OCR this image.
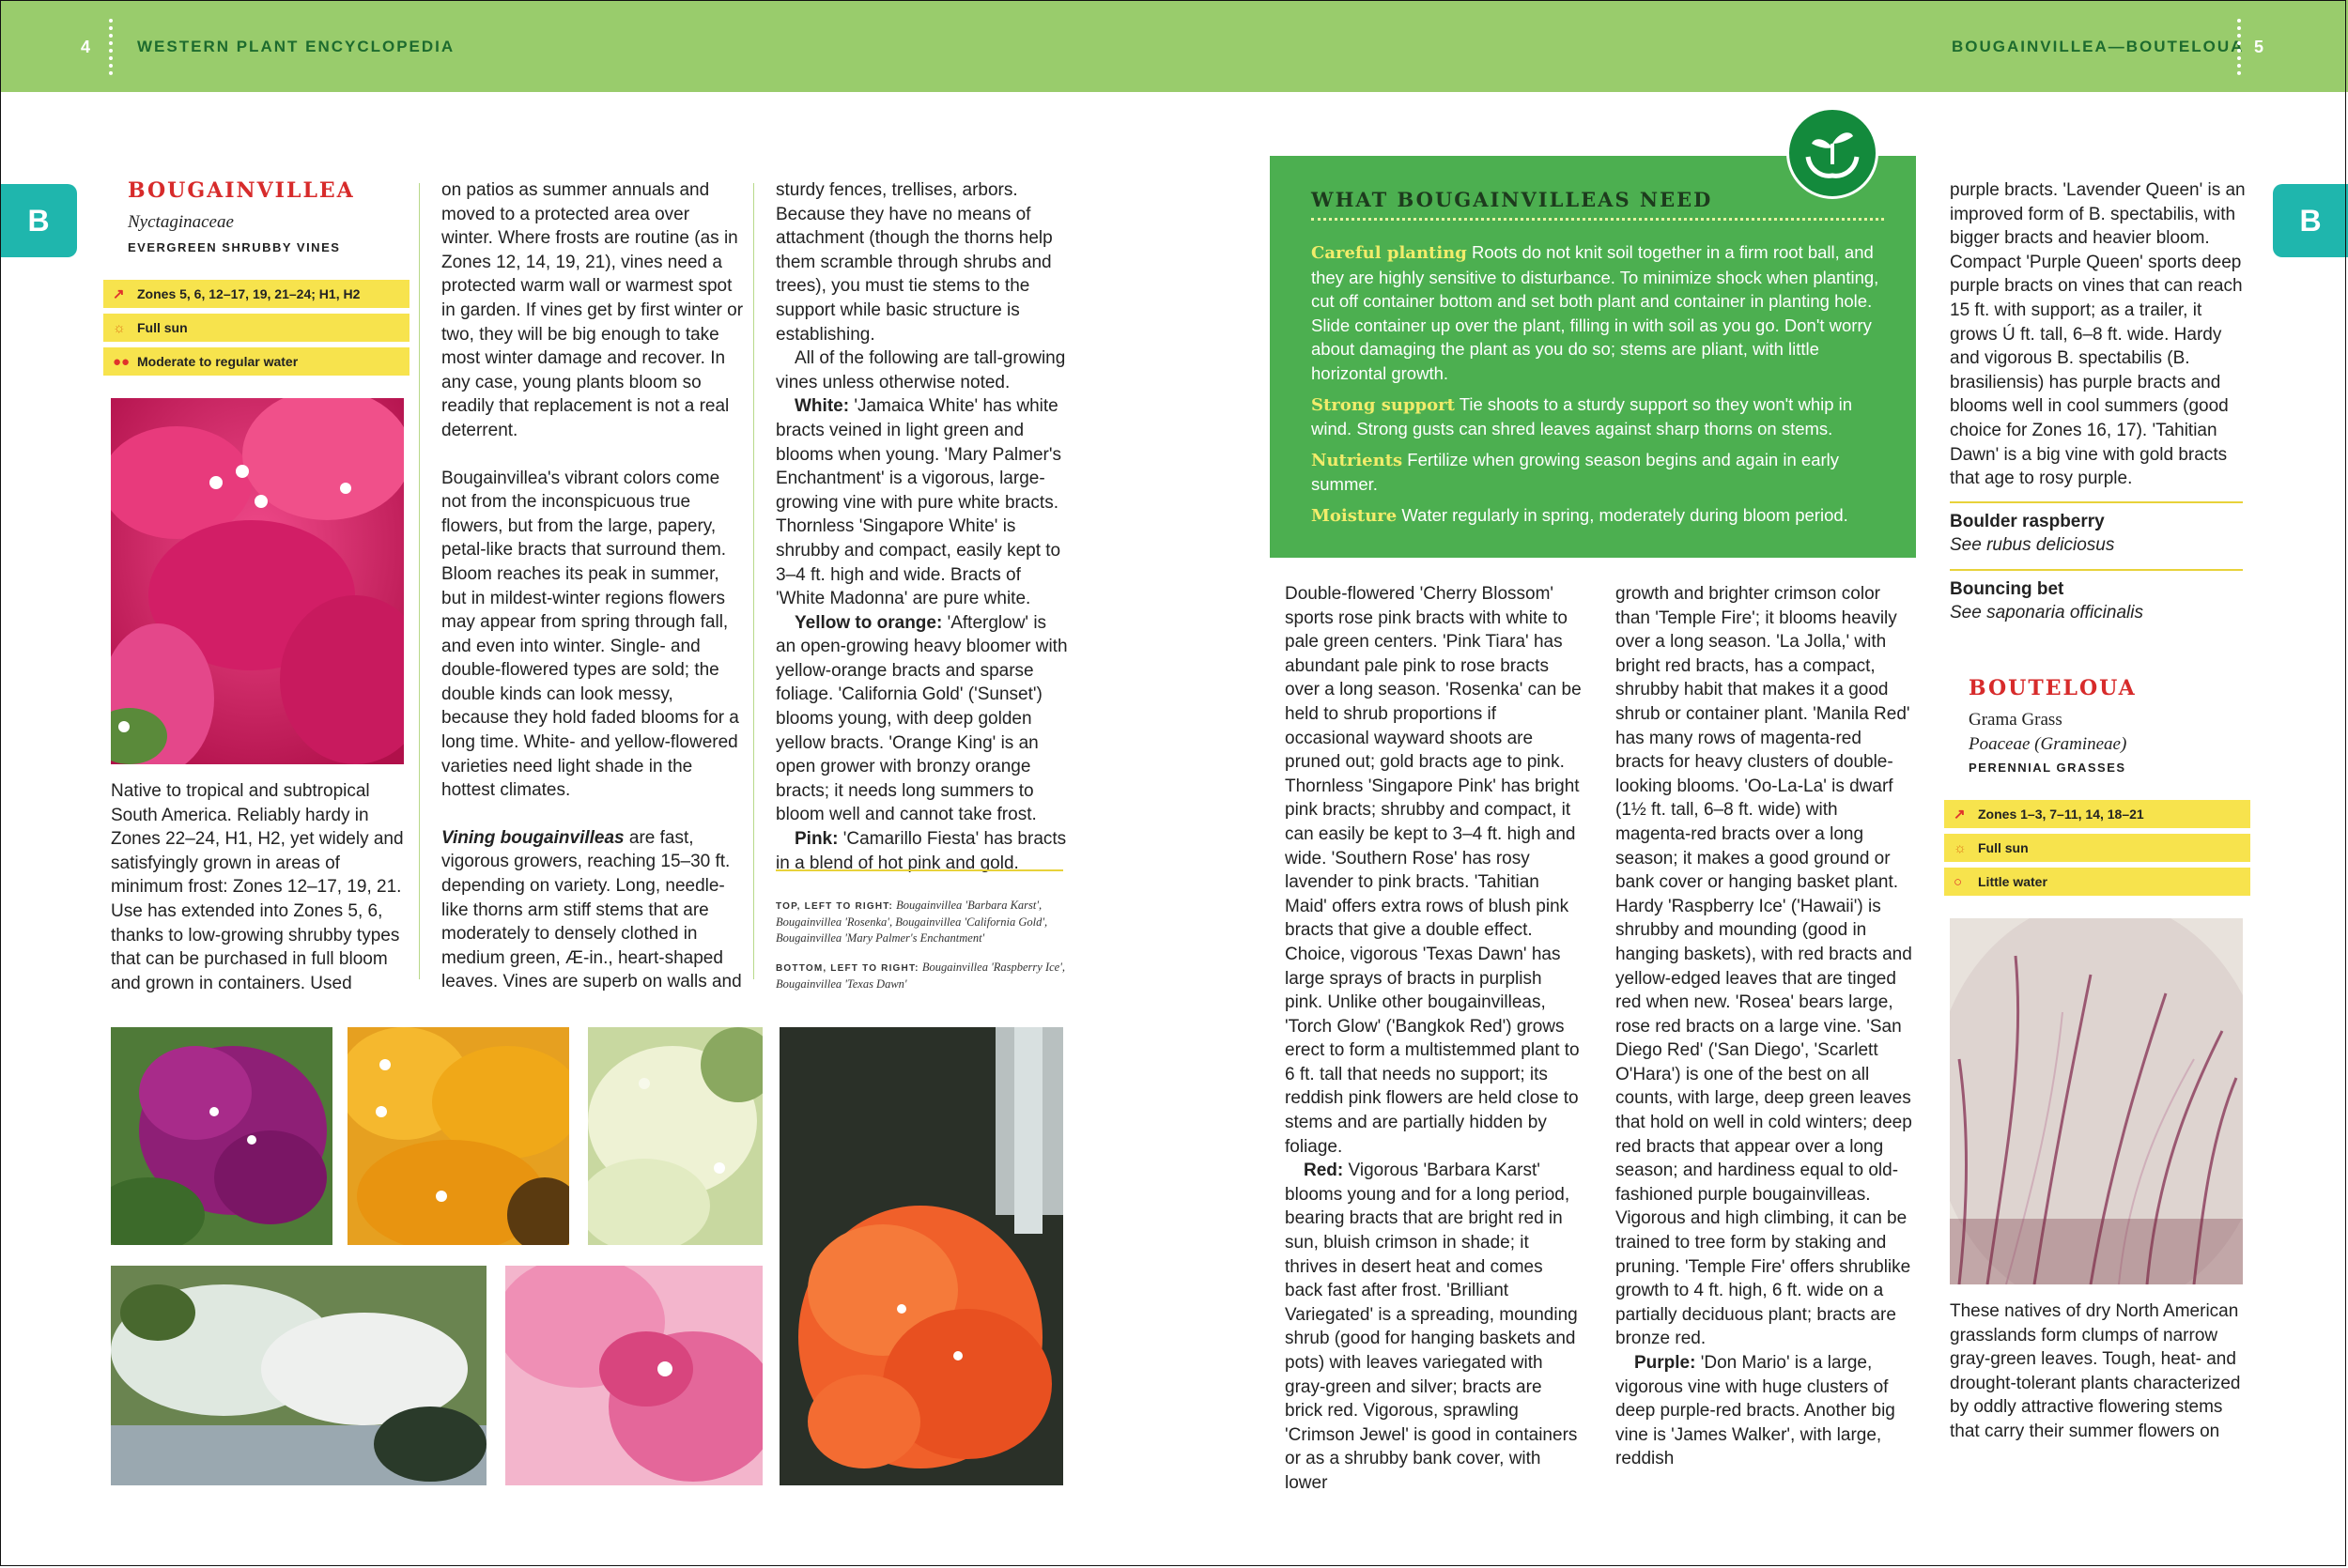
4	WESTERN PLANT ENCYCLOPEDIA	BOUGAINVILLEA—BOUTELOUA 5
B	B
BOUGAINVILLEA
Nyctaginaceae
EVERGREEN SHRUBBY VINES
↗ Zones 5, 6, 12–17, 19, 21–24; H1, H2
☼ Full sun
●● Moderate to regular water

Native to tropical and subtropical South America. Reliably hardy in Zones 22–24, H1, H2, yet widely and satisfyingly grown in areas of minimum frost: Zones 12–17, 19, 21. Use has extended into Zones 5, 6, thanks to low-growing shrubby types that can be purchased in full bloom and grown in containers. Used

on patios as summer annuals and moved to a protected area over winter. Where frosts are routine (as in Zones 12, 14, 19, 21), vines need a protected warm wall or warmest spot in garden. If vines get by first winter or two, they will be big enough to take most winter damage and recover. In any case, young plants bloom so readily that replacement is not a real deterrent.

Bougainvillea's vibrant colors come not from the inconspicuous true flowers, but from the large, papery, petal-like bracts that surround them. Bloom reaches its peak in summer, but in mildest-winter regions flowers may appear from spring through fall, and even into winter. Single- and double-flowered types are sold; the double kinds can look messy, because they hold faded blooms for a long time. White- and yellow-flowered varieties need light shade in the hottest climates.

Vining bougainvilleas are fast, vigorous growers, reaching 15–30 ft. depending on variety. Long, needle-like thorns arm stiff stems that are moderately to densely clothed in medium green, Æ-in., heart-shaped leaves. Vines are superb on walls and

sturdy fences, trellises, arbors. Because they have no means of attachment (though the thorns help them scramble through shrubs and trees), you must tie stems to the support while basic structure is establishing.

All of the following are tall-growing vines unless otherwise noted.

White: 'Jamaica White' has white bracts veined in light green and blooms when young. 'Mary Palmer's Enchantment' is a vigorous, large-growing vine with pure white bracts. Thornless 'Singapore White' is shrubby and compact, easily kept to 3–4 ft. high and wide. Bracts of 'White Madonna' are pure white.

Yellow to orange: 'Afterglow' is an open-growing heavy bloomer with yellow-orange bracts and sparse foliage. 'California Gold' ('Sunset') blooms young, with deep golden yellow bracts. 'Orange King' is an open grower with bronzy orange bracts; it needs long summers to bloom well and cannot take frost.

Pink: 'Camarillo Fiesta' has bracts in a blend of hot pink and gold.

TOP, LEFT TO RIGHT: Bougainvillea 'Barbara Karst', Bougainvillea 'Rosenka', Bougainvillea 'California Gold', Bougainvillea 'Mary Palmer's Enchantment'
BOTTOM, LEFT TO RIGHT: Bougainvillea 'Raspberry Ice', Bougainvillea 'Texas Dawn'
WHAT BOUGAINVILLEAS NEED

Careful planting Roots do not knit soil together in a firm root ball, and they are highly sensitive to disturbance. To minimize shock when planting, cut off container bottom and set both plant and container in planting hole. Slide container up over the plant, filling in with soil as you go. Don't worry about damaging the plant as you do so; stems are pliant, with little horizontal growth.

Strong support Tie shoots to a sturdy support so they won't whip in wind. Strong gusts can shred leaves against sharp thorns on stems.

Nutrients Fertilize when growing season begins and again in early summer.

Moisture Water regularly in spring, moderately during bloom period.

Double-flowered 'Cherry Blossom' sports rose pink bracts with white to pale green centers. 'Pink Tiara' has abundant pale pink to rose bracts over a long season. 'Rosenka' can be held to shrub proportions if occasional wayward shoots are pruned out; gold bracts age to pink. Thornless 'Singapore Pink' has bright pink bracts; shrubby and compact, it can easily be kept to 3–4 ft. high and wide. 'Southern Rose' has rosy lavender to pink bracts. 'Tahitian Maid' offers extra rows of blush pink bracts that give a double effect. Choice, vigorous 'Texas Dawn' has large sprays of bracts in purplish pink. Unlike other bougainvilleas, 'Torch Glow' ('Bangkok Red') grows erect to form a multistemmed plant to 6 ft. tall that needs no support; its reddish pink flowers are held close to stems and are partially hidden by foliage.

Red: Vigorous 'Barbara Karst' blooms young and for a long period, bearing bracts that are bright red in sun, bluish crimson in shade; it thrives in desert heat and comes back fast after frost. 'Brilliant Variegated' is a spreading, mounding shrub (good for hanging baskets and pots) with leaves variegated with gray-green and silver; bracts are brick red. Vigorous, sprawling 'Crimson Jewel' is good in containers or as a shrubby bank cover, with lower

growth and brighter crimson color than 'Temple Fire'; it blooms heavily over a long season. 'La Jolla,' with bright red bracts, has a compact, shrubby habit that makes it a good shrub or container plant. 'Manila Red' has many rows of magenta-red bracts for heavy clusters of double-looking blooms. 'Oo-La-La' is dwarf (1½ ft. tall, 6–8 ft. wide) with magenta-red bracts over a long season; it makes a good ground or bank cover or hanging basket plant. Hardy 'Raspberry Ice' ('Hawaii') is shrubby and mounding (good in hanging baskets), with red bracts and yellow-edged leaves that are tinged red when new. 'Rosea' bears large, rose red bracts on a large vine. 'San Diego Red' ('San Diego', 'Scarlett O'Hara') is one of the best on all counts, with large, deep green leaves that hold on well in cold winters; deep red bracts that appear over a long season; and hardiness equal to old-fashioned purple bougainvilleas. Vigorous and high climbing, it can be trained to tree form by staking and pruning. 'Temple Fire' offers shrublike growth to 4 ft. high, 6 ft. wide on a partially deciduous plant; bracts are bronze red.

Purple: 'Don Mario' is a large, vigorous vine with huge clusters of deep purple-red bracts. Another big vine is 'James Walker', with large, reddish

purple bracts. 'Lavender Queen' is an improved form of B. spectabilis, with bigger bracts and heavier bloom. Compact 'Purple Queen' sports deep purple bracts on vines that can reach 15 ft. with support; as a trailer, it grows Ú ft. tall, 6–8 ft. wide. Hardy and vigorous B. spectabilis (B. brasiliensis) has purple bracts and blooms well in cool summers (good choice for Zones 16, 17). 'Tahitian Dawn' is a big vine with gold bracts that age to rosy purple.

Boulder raspberry
See rubus deliciosus
Bouncing bet
See saponaria officinalis
BOUTELOUA
Grama Grass
Poaceae (Gramineae)
PERENNIAL GRASSES
↗ Zones 1–3, 7–11, 14, 18–21
☼ Full sun
○	Little water

These natives of dry North American grasslands form clumps of narrow gray-green leaves. Tough, heat- and drought-tolerant plants characterized by oddly attractive flowering stems that carry their summer flowers on
